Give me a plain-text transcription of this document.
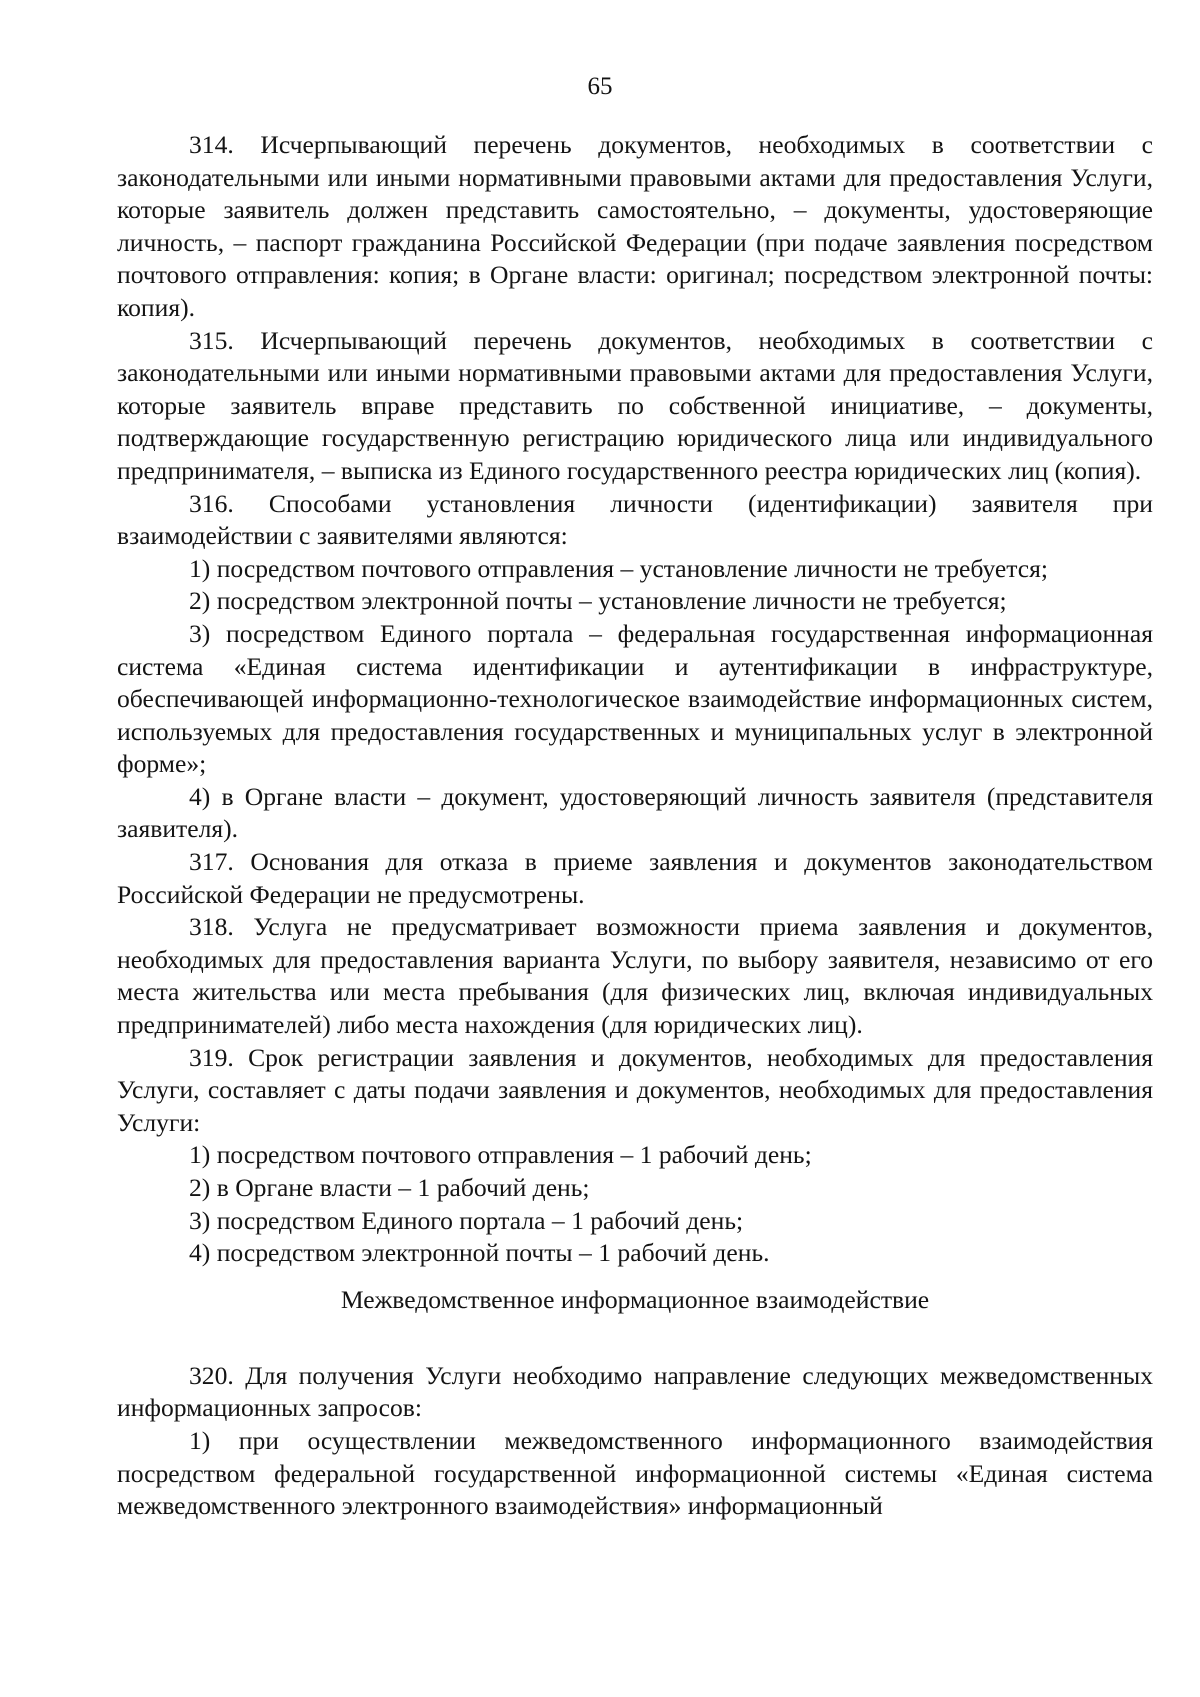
65

314. Исчерпывающий перечень документов, необходимых в соответствии с законодательными или иными нормативными правовыми актами для предоставления Услуги, которые заявитель должен представить самостоятельно, – документы, удостоверяющие личность, – паспорт гражданина Российской Федерации (при подаче заявления посредством почтового отправления: копия; в Органе власти: оригинал; посредством электронной почты: копия).

315. Исчерпывающий перечень документов, необходимых в соответствии с законодательными или иными нормативными правовыми актами для предоставления Услуги, которые заявитель вправе представить по собственной инициативе, – документы, подтверждающие государственную регистрацию юридического лица или индивидуального предпринимателя, – выписка из Единого государственного реестра юридических лиц (копия).

316. Способами установления личности (идентификации) заявителя при взаимодействии с заявителями являются:

1) посредством почтового отправления – установление личности не требуется;

2) посредством электронной почты – установление личности не требуется;

3) посредством Единого портала – федеральная государственная информационная система «Единая система идентификации и аутентификации в инфраструктуре, обеспечивающей информационно-технологическое взаимодействие информационных систем, используемых для предоставления государственных и муниципальных услуг в электронной форме»;

4) в Органе власти – документ, удостоверяющий личность заявителя (представителя заявителя).

317. Основания для отказа в приеме заявления и документов законодательством Российской Федерации не предусмотрены.

318. Услуга не предусматривает возможности приема заявления и документов, необходимых для предоставления варианта Услуги, по выбору заявителя, независимо от его места жительства или места пребывания (для физических лиц, включая индивидуальных предпринимателей) либо места нахождения (для юридических лиц).

319. Срок регистрации заявления и документов, необходимых для предоставления Услуги, составляет с даты подачи заявления и документов, необходимых для предоставления Услуги:

1) посредством почтового отправления – 1 рабочий день;

2) в Органе власти – 1 рабочий день;

3) посредством Единого портала – 1 рабочий день;

4) посредством электронной почты – 1 рабочий день.

Межведомственное информационное взаимодействие

320. Для получения Услуги необходимо направление следующих межведомственных информационных запросов:

1) при осуществлении межведомственного информационного взаимодействия посредством федеральной государственной информационной системы «Единая система межведомственного электронного взаимодействия» информационный
